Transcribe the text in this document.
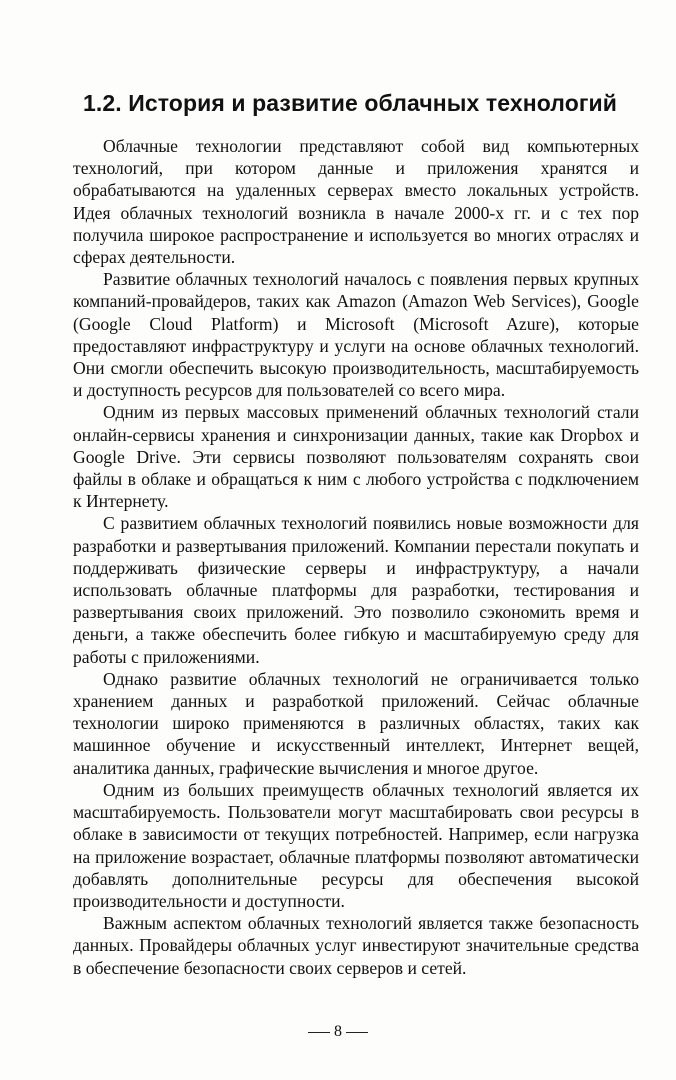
1.2. История и развитие облачных технологий

Облачные технологии представляют собой вид компьютерных технологий, при котором данные и приложения хранятся и обрабатываются на удаленных серверах вместо локальных устройств. Идея облачных технологий возникла в начале 2000-х гг. и с тех пор получила широкое распространение и используется во многих отраслях и сферах деятельности.

Развитие облачных технологий началось с появления первых крупных компаний-провайдеров, таких как Amazon (Amazon Web Services), Google (Google Cloud Platform) и Microsoft (Microsoft Azure), которые предоставляют инфраструктуру и услуги на основе облачных технологий. Они смогли обеспечить высокую производительность, масштабируемость и доступность ресурсов для пользователей со всего мира.

Одним из первых массовых применений облачных технологий стали онлайн-сервисы хранения и синхронизации данных, такие как Dropbox и Google Drive. Эти сервисы позволяют пользователям сохранять свои файлы в облаке и обращаться к ним с любого устройства с подключением к Интернету.

С развитием облачных технологий появились новые возможности для разработки и развертывания приложений. Компании перестали покупать и поддерживать физические серверы и инфраструктуру, а начали использовать облачные платформы для разработки, тестирования и развертывания своих приложений. Это позволило сэкономить время и деньги, а также обеспечить более гибкую и масштабируемую среду для работы с приложениями.

Однако развитие облачных технологий не ограничивается только хранением данных и разработкой приложений. Сейчас облачные технологии широко применяются в различных областях, таких как машинное обучение и искусственный интеллект, Интернет вещей, аналитика данных, графические вычисления и многое другое.

Одним из больших преимуществ облачных технологий является их масштабируемость. Пользователи могут масштабировать свои ресурсы в облаке в зависимости от текущих потребностей. Например, если нагрузка на приложение возрастает, облачные платформы позволяют автоматически добавлять дополнительные ресурсы для обеспечения высокой производительности и доступности.

Важным аспектом облачных технологий является также безопасность данных. Провайдеры облачных услуг инвестируют значительные средства в обеспечение безопасности своих серверов и сетей.

8
